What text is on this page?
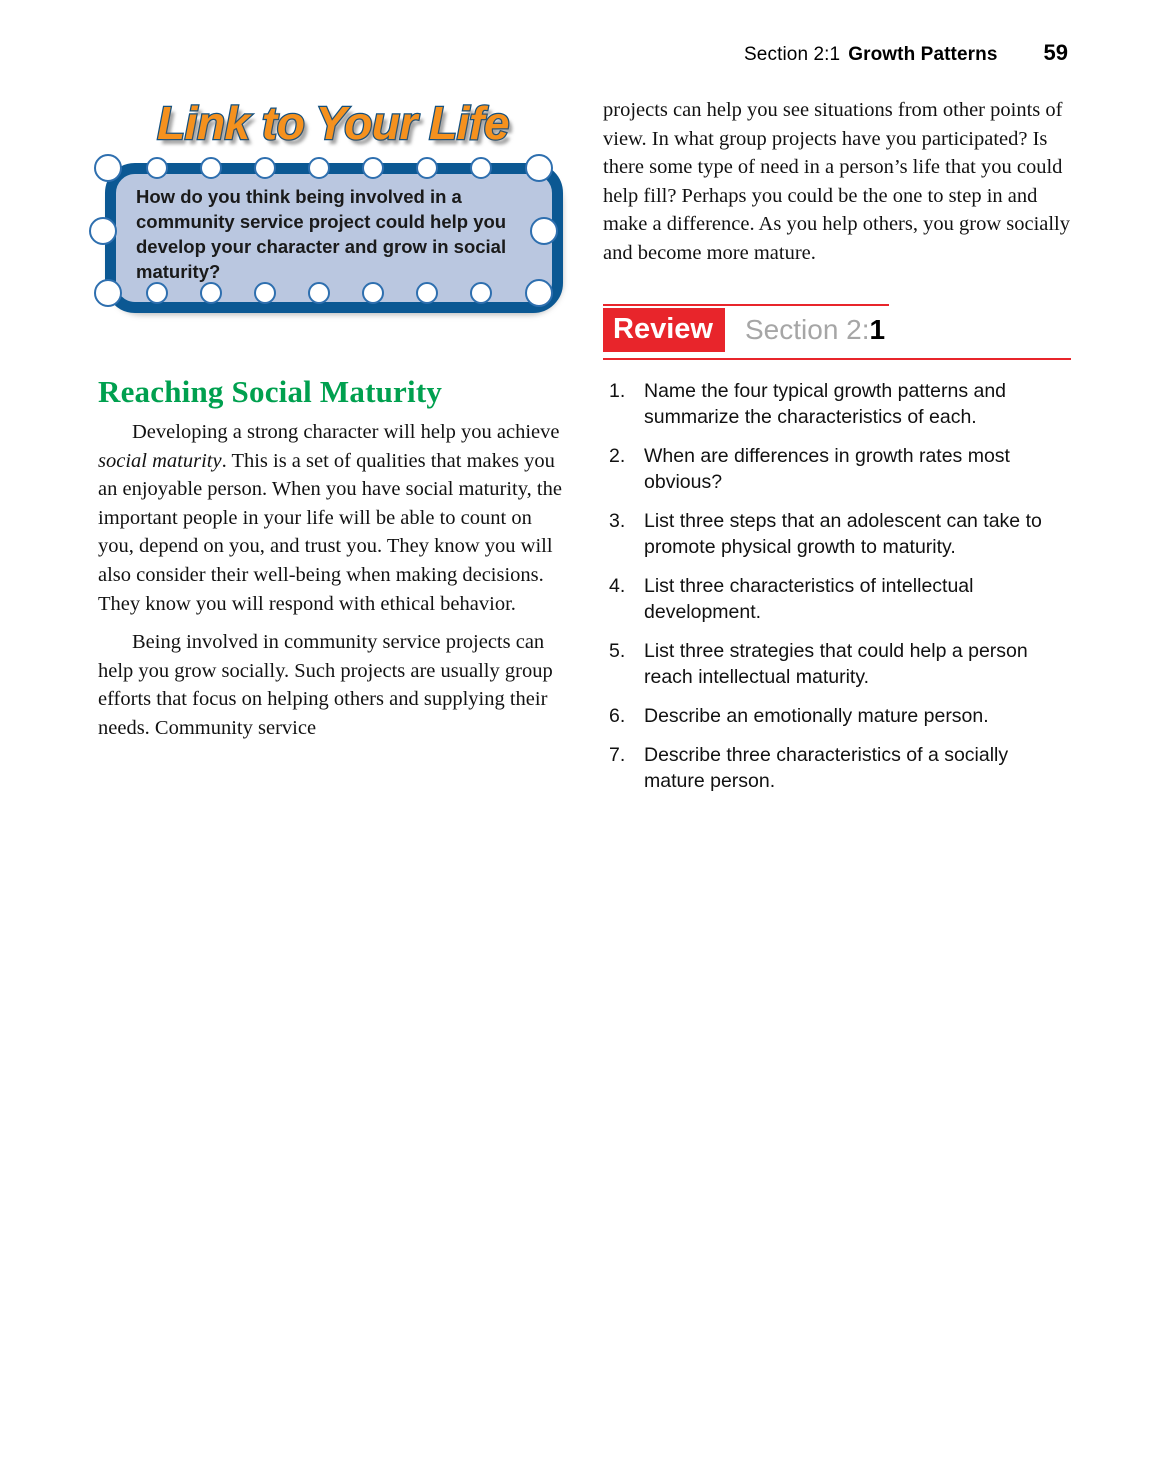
Section 2:1 Growth Patterns 59
Link to Your Life
How do you think being involved in a community service project could help you develop your character and grow in social maturity?
Reaching Social Maturity

Developing a strong character will help you achieve social maturity. This is a set of qualities that makes you an enjoyable person. When you have social maturity, the important people in your life will be able to count on you, depend on you, and trust you. They know you will also consider their well-being when making decisions. They know you will respond with ethical behavior.

Being involved in community service projects can help you grow socially. Such projects are usually group efforts that focus on helping others and supplying their needs. Community service

projects can help you see situations from other points of view. In what group projects have you participated? Is there some type of need in a person’s life that you could help fill? Perhaps you could be the one to step in and make a difference. As you help others, you grow socially and become more mature.

Review Section 2: 1
1. Name the four typical growth patterns and summarize the characteristics of each.
2. When are differences in growth rates most obvious?
3. List three steps that an adolescent can take to promote physical growth to maturity.
4. List three characteristics of intellectual development.
5. List three strategies that could help a person reach intellectual maturity.
6. Describe an emotionally mature person.
7. Describe three characteristics of a socially mature person.
